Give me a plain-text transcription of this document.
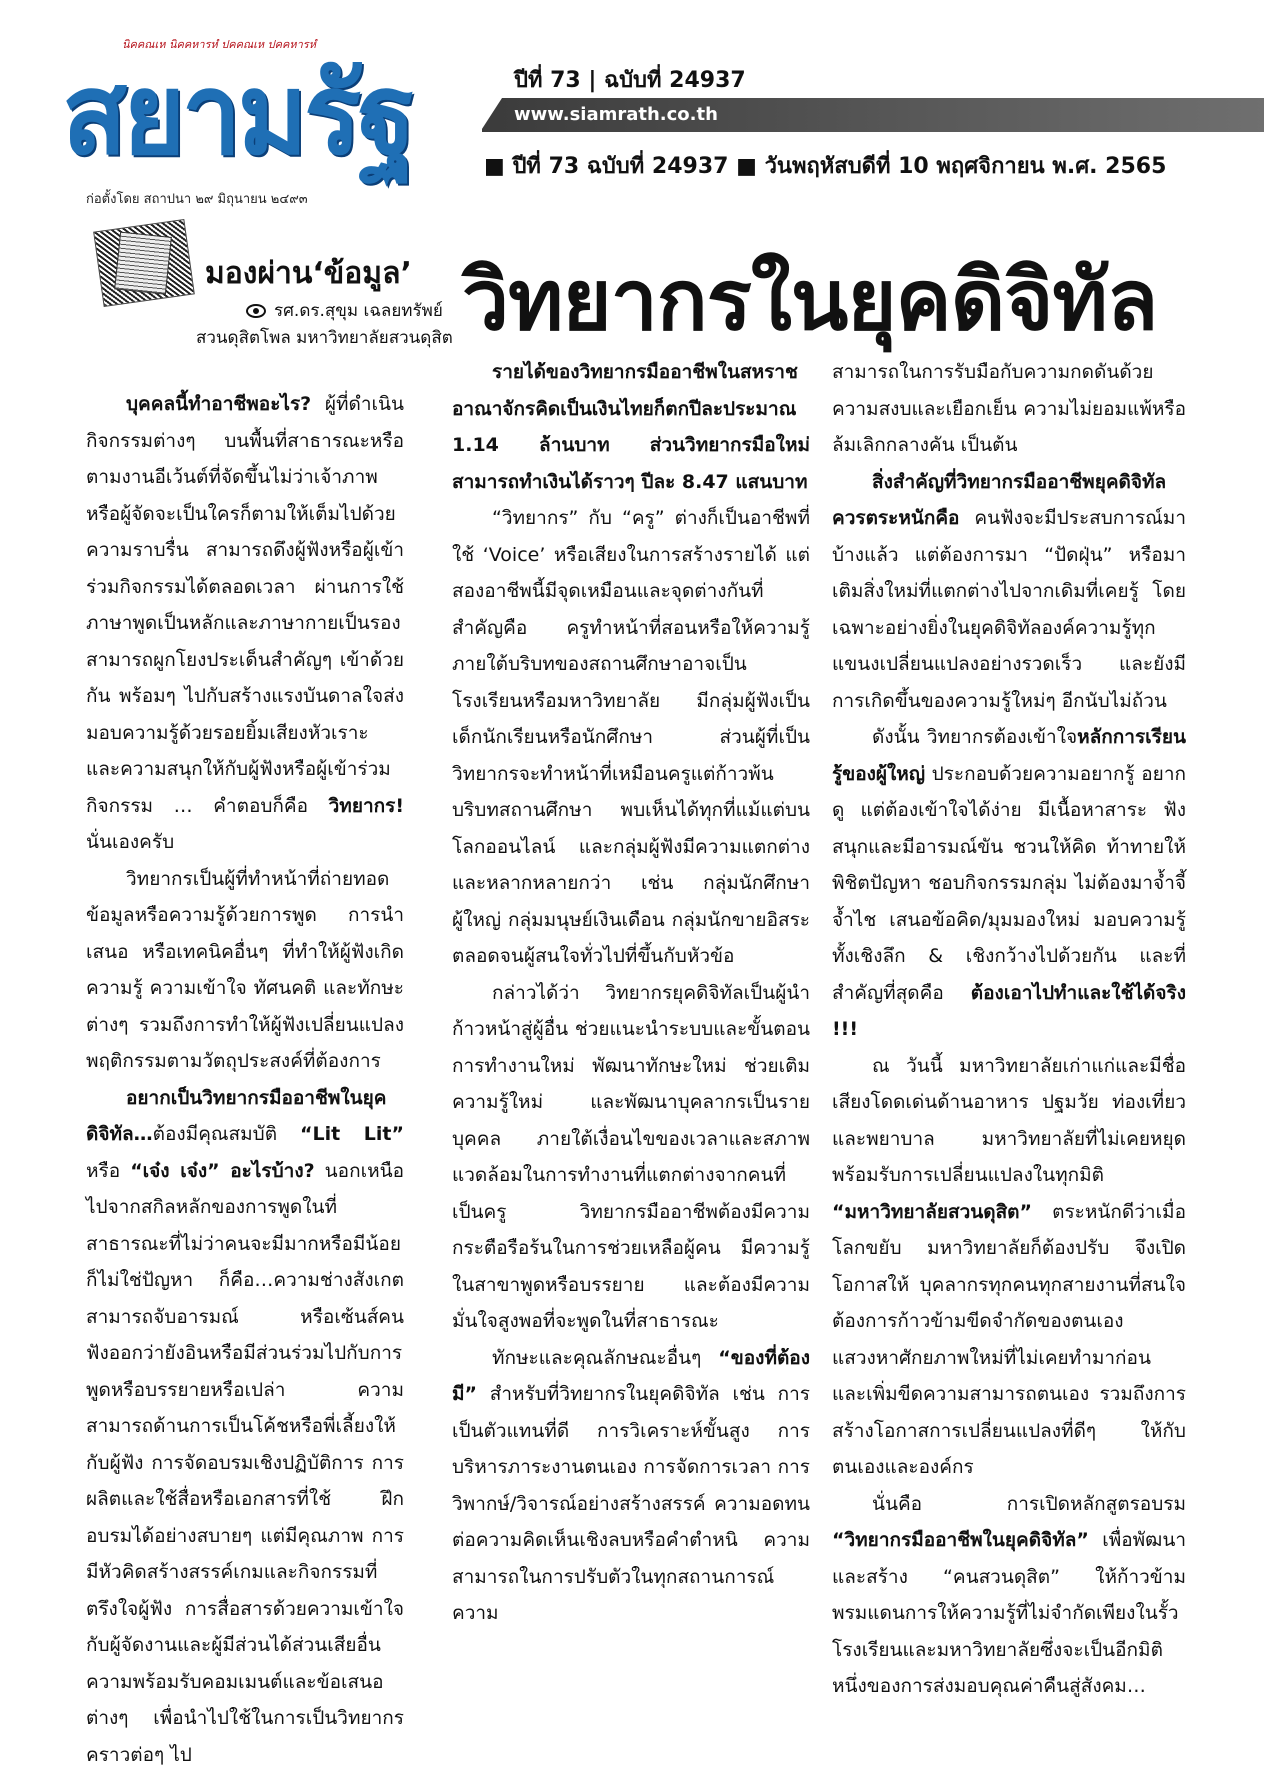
นิคคณเห นิคคหารหํ ปคคณเห ปคคหารหํ
สยามรัฐ
ก่อตั้งโดย สถาปนา ๒๙ มิถุนายน ๒๔๙๓
ปีที่ 73 | ฉบับที่ 24937
www.siamrath.co.th
■ ปีที่ 73 ฉบับที่ 24937 ■ วันพฤหัสบดีที่ 10 พฤศจิกายน พ.ศ. 2565
มองผ่าน‘ข้อมูล’
รศ.ดร.สุขุม เฉลยทรัพย์
สวนดุสิตโพล มหาวิทยาลัยสวนดุสิต วิทยากรในยุคดิจิทัล

บุคคลนี้ทำอาชีพอะไร? ผู้ที่ดำเนินกิจกรรมต่างๆ บนพื้นที่สาธารณะหรือตามงานอีเว้นต์ที่จัดขึ้นไม่ว่าเจ้าภาพหรือผู้จัดจะเป็นใครก็ตามให้เต็มไปด้วยความราบรื่น สามารถดึงผู้ฟังหรือผู้เข้าร่วมกิจกรรมได้ตลอดเวลา ผ่านการใช้ภาษาพูดเป็นหลักและภาษากายเป็นรอง สามารถผูกโยงประเด็นสำคัญๆ เข้าด้วยกัน พร้อมๆ ไปกับสร้างแรงบันดาลใจส่งมอบความรู้ด้วยรอยยิ้มเสียงหัวเราะ และความสนุกให้กับผู้ฟังหรือผู้เข้าร่วมกิจกรรม … คำตอบก็คือ วิทยากร! นั่นเองครับ

วิทยากรเป็นผู้ที่ทำหน้าที่ถ่ายทอดข้อมูลหรือความรู้ด้วยการพูด การนำเสนอ หรือเทคนิคอื่นๆ ที่ทำให้ผู้ฟังเกิดความรู้ ความเข้าใจ ทัศนคติ และทักษะต่างๆ รวมถึงการทำให้ผู้ฟังเปลี่ยนแปลงพฤติกรรมตามวัตถุประสงค์ที่ต้องการ

อยากเป็นวิทยากรมืออาชีพในยุคดิจิทัล…ต้องมีคุณสมบัติ “Lit Lit” หรือ “เจ๋ง เจ๋ง” อะไรบ้าง? นอกเหนือไปจากสกิลหลักของการพูดในที่สาธารณะที่ไม่ว่าคนจะมีมากหรือมีน้อยก็ไม่ใช่ปัญหา ก็คือ…ความช่างสังเกตสามารถจับอารมณ์ หรือเซ้นส์คนฟังออกว่ายังอินหรือมีส่วนร่วมไปกับการพูดหรือบรรยายหรือเปล่า ความสามารถด้านการเป็นโค้ชหรือพี่เลี้ยงให้กับผู้ฟัง การจัดอบรมเชิงปฏิบัติการ การผลิตและใช้สื่อหรือเอกสารที่ใช้ ฝึกอบรมได้อย่างสบายๆ แต่มีคุณภาพ การมีหัวคิดสร้างสรรค์เกมและกิจกรรมที่ตรึงใจผู้ฟัง การสื่อสารด้วยความเข้าใจ กับผู้จัดงานและผู้มีส่วนได้ส่วนเสียอื่น ความพร้อมรับคอมเมนต์และข้อเสนอต่างๆ เพื่อนำไปใช้ในการเป็นวิทยากรคราวต่อๆ ไป

รายได้ของวิทยากรมืออาชีพในสหราชอาณาจักรคิดเป็นเงินไทยก็ตกปีละประมาณ 1.14 ล้านบาท ส่วนวิทยากรมือใหม่สามารถทำเงินได้ราวๆ ปีละ 8.47 แสนบาท

“วิทยากร” กับ “ครู” ต่างก็เป็นอาชีพที่ใช้ ‘Voice’ หรือเสียงในการสร้างรายได้ แต่สองอาชีพนี้มีจุดเหมือนและจุดต่างกันที่สำคัญคือ ครูทำหน้าที่สอนหรือให้ความรู้ภายใต้บริบทของสถานศึกษาอาจเป็นโรงเรียนหรือมหาวิทยาลัย มีกลุ่มผู้ฟังเป็นเด็กนักเรียนหรือนักศึกษา ส่วนผู้ที่เป็นวิทยากรจะทำหน้าที่เหมือนครูแต่ก้าวพ้นบริบทสถานศึกษา พบเห็นได้ทุกที่แม้แต่บนโลกออนไลน์ และกลุ่มผู้ฟังมีความแตกต่างและหลากหลายกว่า เช่น กลุ่มนักศึกษาผู้ใหญ่ กลุ่มมนุษย์เงินเดือน กลุ่มนักขายอิสระ ตลอดจนผู้สนใจทั่วไปที่ขึ้นกับหัวข้อ

กล่าวได้ว่า วิทยากรยุคดิจิทัลเป็นผู้นำก้าวหน้าสู่ผู้อื่น ช่วยแนะนำระบบและขั้นตอนการทำงานใหม่ พัฒนาทักษะใหม่ ช่วยเติมความรู้ใหม่ และพัฒนาบุคลากรเป็นรายบุคคล ภายใต้เงื่อนไขของเวลาและสภาพแวดล้อมในการทำงานที่แตกต่างจากคนที่เป็นครู วิทยากรมืออาชีพต้องมีความกระตือรือร้นในการช่วยเหลือผู้คน มีความรู้ในสาขาพูดหรือบรรยาย และต้องมีความมั่นใจสูงพอที่จะพูดในที่สาธารณะ

ทักษะและคุณลักษณะอื่นๆ “ของที่ต้องมี” สำหรับที่วิทยากรในยุคดิจิทัล เช่น การเป็นตัวแทนที่ดี การวิเคราะห์ขั้นสูง การบริหารภาระงานตนเอง การจัดการเวลา การวิพากษ์/วิจารณ์อย่างสร้างสรรค์ ความอดทนต่อความคิดเห็นเชิงลบหรือคำตำหนิ ความสามารถในการปรับตัวในทุกสถานการณ์ ความ

สามารถในการรับมือกับความกดดันด้วยความสงบและเยือกเย็น ความไม่ยอมแพ้หรือล้มเลิกกลางคัน เป็นต้น

สิ่งสำคัญที่วิทยากรมืออาชีพยุคดิจิทัลควรตระหนักคือ คนฟังจะมีประสบการณ์มาบ้างแล้ว แต่ต้องการมา “ปัดฝุ่น” หรือมาเติมสิ่งใหม่ที่แตกต่างไปจากเดิมที่เคยรู้ โดยเฉพาะอย่างยิ่งในยุคดิจิทัลองค์ความรู้ทุกแขนงเปลี่ยนแปลงอย่างรวดเร็ว และยังมีการเกิดขึ้นของความรู้ใหม่ๆ อีกนับไม่ถ้วน

ดังนั้น วิทยากรต้องเข้าใจหลักการเรียนรู้ของผู้ใหญ่ ประกอบด้วยความอยากรู้ อยากดู แต่ต้องเข้าใจได้ง่าย มีเนื้อหาสาระ ฟังสนุกและมีอารมณ์ขัน ชวนให้คิด ท้าทายให้พิชิตปัญหา ชอบกิจกรรมกลุ่ม ไม่ต้องมาจ้ำจี้จ้ำไช เสนอข้อคิด/มุมมองใหม่ มอบความรู้ทั้งเชิงลึก & เชิงกว้างไปด้วยกัน และที่สำคัญที่สุดคือ ต้องเอาไปทำและใช้ได้จริง !!!

ณ วันนี้ มหาวิทยาลัยเก่าแก่และมีชื่อเสียงโดดเด่นด้านอาหาร ปฐมวัย ท่องเที่ยว และพยาบาล มหาวิทยาลัยที่ไม่เคยหยุด พร้อมรับการเปลี่ยนแปลงในทุกมิติ “มหาวิทยาลัยสวนดุสิต” ตระหนักดีว่าเมื่อโลกขยับ มหาวิทยาลัยก็ต้องปรับ จึงเปิดโอกาสให้ บุคลากรทุกคนทุกสายงานที่สนใจต้องการก้าวข้ามขีดจำกัดของตนเอง แสวงหาศักยภาพใหม่ที่ไม่เคยทำมาก่อน และเพิ่มขีดความสามารถตนเอง รวมถึงการสร้างโอกาสการเปลี่ยนแปลงที่ดีๆ ให้กับตนเองและองค์กร

นั่นคือ การเปิดหลักสูตรอบรม “วิทยากรมืออาชีพในยุคดิจิทัล” เพื่อพัฒนาและสร้าง “คนสวนดุสิต” ให้ก้าวข้ามพรมแดนการให้ความรู้ที่ไม่จำกัดเพียงในรั้วโรงเรียนและมหาวิทยาลัยซึ่งจะเป็นอีกมิติหนึ่งของการส่งมอบคุณค่าคืนสู่สังคม…
